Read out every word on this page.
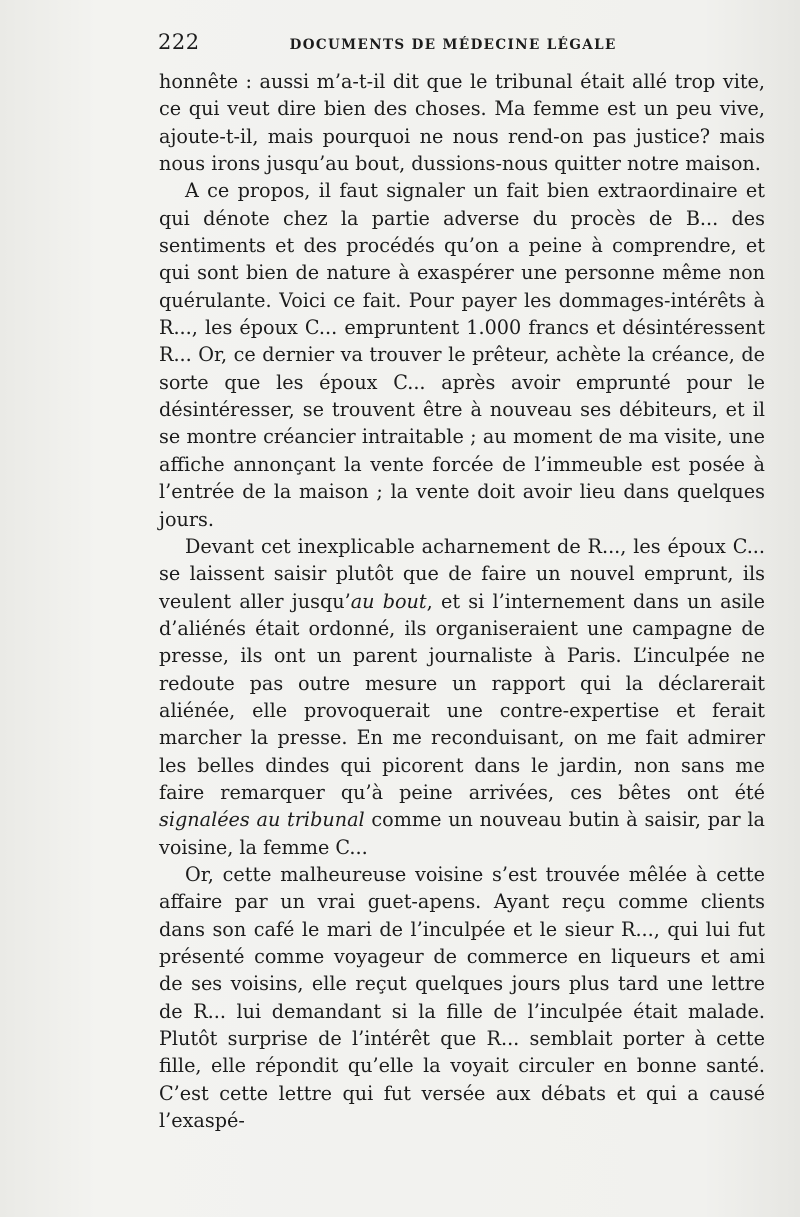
222	DOCUMENTS DE MÉDECINE LÉGALE

honnête : aussi m’a-t-il dit que le tribunal était allé trop vite, ce qui veut dire bien des choses. Ma femme est un peu vive, ajoute-t-il, mais pourquoi ne nous rend-on pas justice? mais nous irons jusqu’au bout, dussions-nous quitter notre maison.

A ce propos, il faut signaler un fait bien extraordinaire et qui dénote chez la partie adverse du procès de B... des sentiments et des procédés qu’on a peine à comprendre, et qui sont bien de nature à exaspérer une personne même non quérulante. Voici ce fait. Pour payer les dommages-intérêts à R..., les époux C... empruntent 1.000 francs et désintéressent R... Or, ce dernier va trouver le prêteur, achète la créance, de sorte que les époux C... après avoir emprunté pour le désintéresser, se trouvent être à nouveau ses débiteurs, et il se montre créancier intraitable ; au moment de ma visite, une affiche annonçant la vente forcée de l’immeuble est posée à l’entrée de la maison ; la vente doit avoir lieu dans quelques jours.

Devant cet inexplicable acharnement de R..., les époux C... se laissent saisir plutôt que de faire un nouvel emprunt, ils veulent aller jusqu’au bout, et si l’internement dans un asile d’aliénés était ordonné, ils organiseraient une campagne de presse, ils ont un parent journaliste à Paris. L’inculpée ne redoute pas outre mesure un rapport qui la déclarerait aliénée, elle provoquerait une contre-expertise et ferait marcher la presse. En me reconduisant, on me fait admirer les belles dindes qui picorent dans le jardin, non sans me faire remarquer qu’à peine arrivées, ces bêtes ont été signalées au tribunal comme un nouveau butin à saisir, par la voisine, la femme C...

Or, cette malheureuse voisine s’est trouvée mêlée à cette affaire par un vrai guet-apens. Ayant reçu comme clients dans son café le mari de l’inculpée et le sieur R..., qui lui fut présenté comme voyageur de commerce en liqueurs et ami de ses voisins, elle reçut quelques jours plus tard une lettre de R... lui demandant si la fille de l’inculpée était malade. Plutôt surprise de l’intérêt que R... semblait porter à cette fille, elle répondit qu’elle la voyait circuler en bonne santé. C’est cette lettre qui fut versée aux débats et qui a causé l’exaspé-
